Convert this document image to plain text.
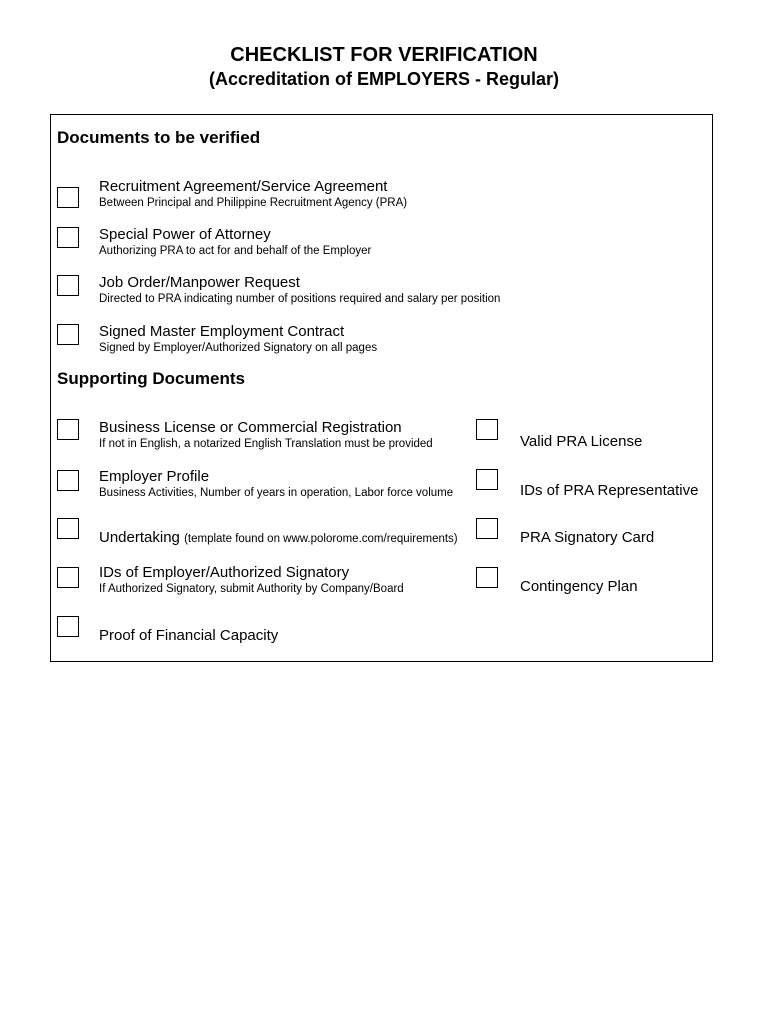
CHECKLIST FOR VERIFICATION
(Accreditation of EMPLOYERS - Regular)
Documents to be verified
Recruitment Agreement/Service Agreement
Between Principal and Philippine Recruitment Agency (PRA)
Special Power of Attorney
Authorizing PRA to act for and behalf of the Employer
Job Order/Manpower Request
Directed to PRA indicating number of positions required and salary per position
Signed Master Employment Contract
Signed by Employer/Authorized Signatory on all pages
Supporting Documents
Business License or Commercial Registration
If not in English, a notarized English Translation must be provided
Employer Profile
Business Activities, Number of years in operation, Labor force volume
Undertaking (template found on www.polorome.com/requirements)
IDs of Employer/Authorized Signatory
If Authorized Signatory, submit Authority by Company/Board
Proof of Financial Capacity
Valid PRA License
IDs of PRA Representative
PRA Signatory Card
Contingency Plan
